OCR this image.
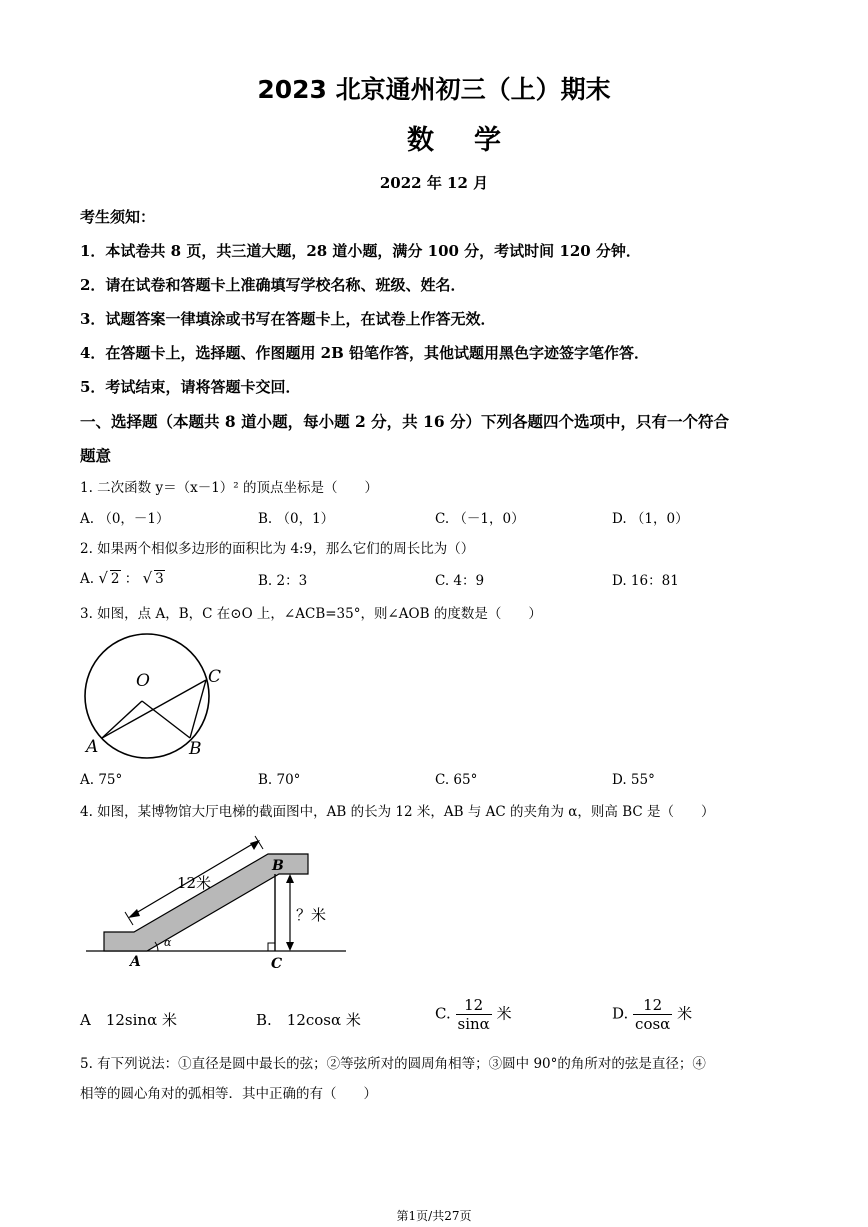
2023 北京通州初三（上）期末
数学
2022 年 12 月
考生须知：
1．本试卷共 8 页，共三道大题，28 道小题，满分 100 分，考试时间 120 分钟．
2．请在试卷和答题卡上准确填写学校名称、班级、姓名．
3．试题答案一律填涂或书写在答题卡上，在试卷上作答无效．
4．在答题卡上，选择题、作图题用 2B 铅笔作答，其他试题用黑色字迹签字笔作答．
5．考试结束，请将答题卡交回．
一、选择题（本题共 8 道小题，每小题 2 分，共 16 分）下列各题四个选项中，只有一个符合
题意
1. 二次函数 y＝（x－1）² 的顶点坐标是（　　）
A. （0，－1）	B. （0，1）	C. （－1，0）	D. （1，0）
2. 如果两个相似多边形的面积比为 4:9，那么它们的周长比为（）
A. √ 2 ： √ 3	B. 2：3	C. 4：9	D. 16：81
3. 如图，点 A，B，C 在⊙O 上，∠ACB=35°，则∠AOB 的度数是（　　）
O
A	B
C
A. 75°	B. 70°	C. 65°	D. 55°
4. 如图，某博物馆大厅电梯的截面图中，AB 的长为 12 米，AB 与 AC 的夹角为 α，则高 BC 是（　　）
12米
？米
B
A	C
α
A　12sinα 米	B.　12cosα 米	C. $\frac{12}{\sin\alpha}$ 米	D. $\frac{12}{\cos\alpha}$ 米
5. 有下列说法：①直径是圆中最长的弦；②等弦所对的圆周角相等；③圆中 90°的角所对的弦是直径；④
相等的圆心角对的弧相等．其中正确的有（　　）
第1页/共27页
